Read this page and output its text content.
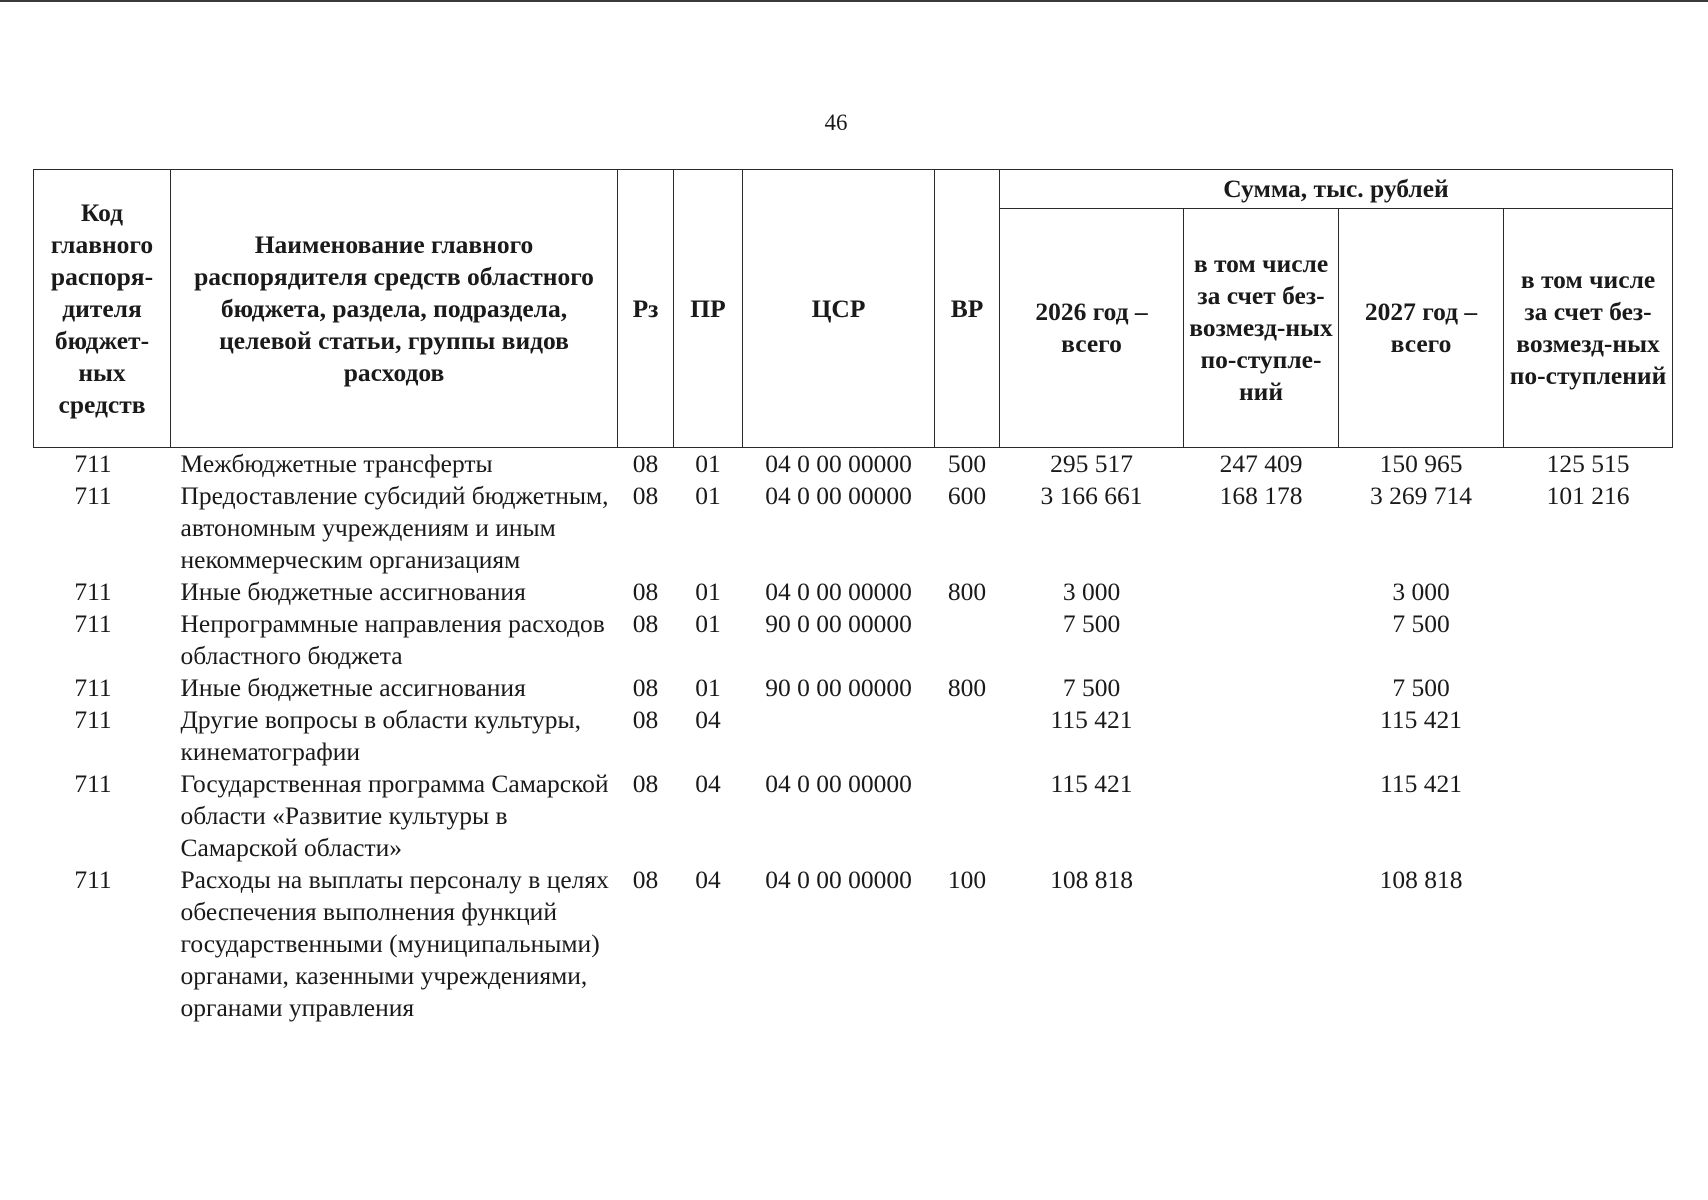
46
Код главного распоря-дителя бюджет-ных средств	Наименование главного распорядителя средств областного бюджета, раздела, подраздела, целевой статьи, группы видов расходов	Рз	ПР	ЦСР	ВР	Сумма, тыс. рублей			
						2026 год – всего	в том числе за счет без-возмезд-ных по-ступле-ний	2027 год – всего	в том числе за счет без-возмезд-ных по-ступлений
711	Межбюджетные трансферты	08	01	04 0 00 00000	500	295 517	247 409	150 965	125 515
711	Предоставление субсидий бюджетным, автономным учреждениям и иным некоммерческим организациям	08	01	04 0 00 00000	600	3 166 661	168 178	3 269 714	101 216
711	Иные бюджетные ассигнования	08	01	04 0 00 00000	800	3 000		3 000	
711	Непрограммные направления расходов областного бюджета	08	01	90 0 00 00000		7 500		7 500	
711	Иные бюджетные ассигнования	08	01	90 0 00 00000	800	7 500		7 500	
711	Другие вопросы в области культуры, кинематографии	08	04			115 421		115 421	
711	Государственная программа Самарской области «Развитие культуры в Самарской области»	08	04	04 0 00 00000		115 421		115 421	
711	Расходы на выплаты персоналу в целях обеспечения выполнения функций государственными (муниципальными) органами, казенными учреждениями, органами управления	08	04	04 0 00 00000	100	108 818		108 818	
